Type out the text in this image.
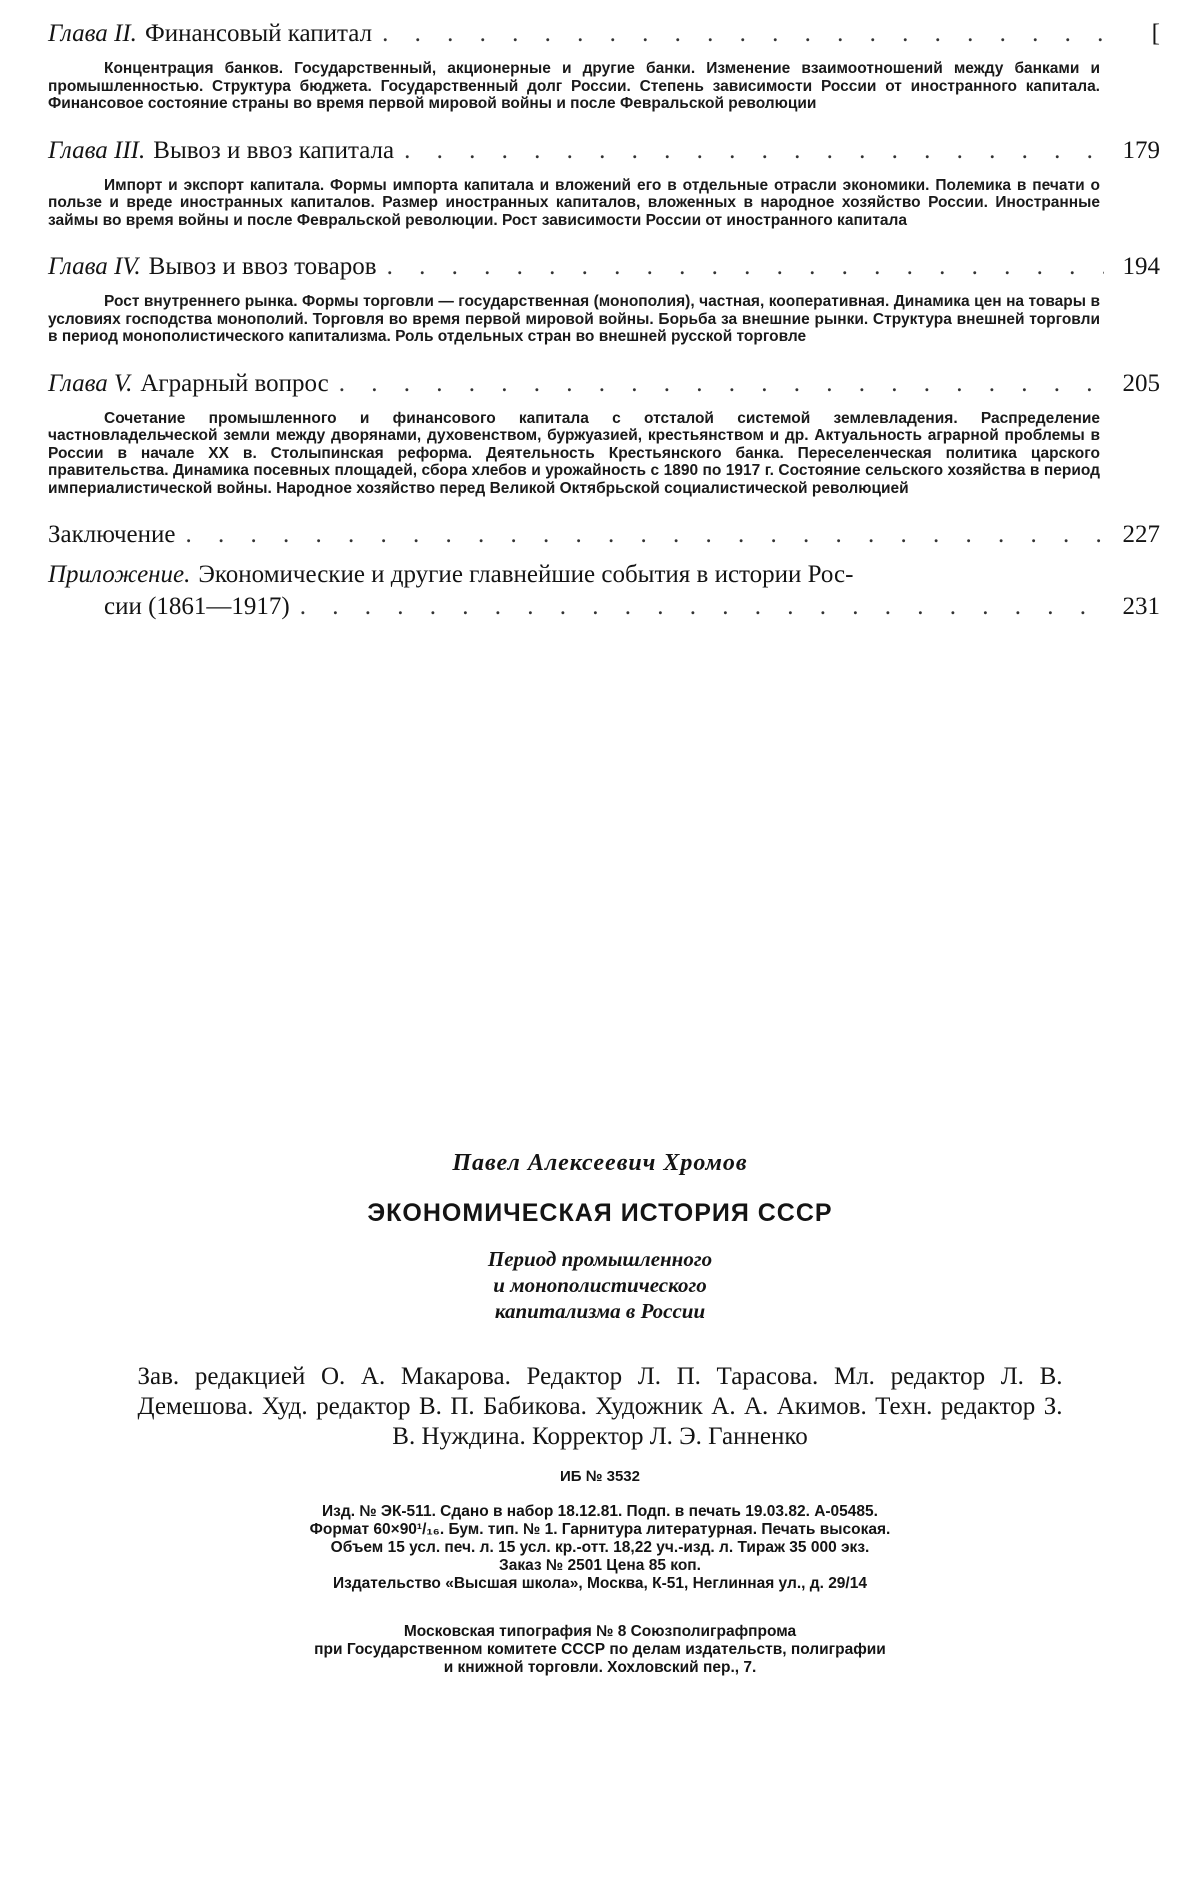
Глава II. Финансовый капитал . . .	[
Концентрация банков. Государственный, акционерные и другие банки. Изменение взаимоотношений между банками и промышленностью. Структура бюджета. Государственный долг России. Степень зависимости России от иностранного капитала. Финансовое состояние страны во время первой мировой войны и после Февральской революции
Глава III. Вывоз и ввоз капитала . . .	179
Импорт и экспорт капитала. Формы импорта капитала и вложений его в отдельные отрасли экономики. Полемика в печати о пользе и вреде иностранных капиталов. Размер иностранных капиталов, вложенных в народное хозяйство России. Иностранные займы во время войны и после Февральской революции. Рост зависимости России от иностранного капитала
Глава IV. Вывоз и ввоз товаров . . .	194
Рост внутреннего рынка. Формы торговли — государственная (монополия), частная, кооперативная. Динамика цен на товары в условиях господства монополий. Торговля во время первой мировой войны. Борьба за внешние рынки. Структура внешней торговли в период монополистического капитализма. Роль отдельных стран во внешней русской торговле
Глава V. Аграрный вопрос . . .	205
Сочетание промышленного и финансового капитала с отсталой системой землевладения. Распределение частновладельческой земли между дворянами, духовенством, буржуазией, крестьянством и др. Актуальность аграрной проблемы в России в начале XX в. Столыпинская реформа. Деятельность Крестьянского банка. Переселенческая политика царского правительства. Динамика посевных площадей, сбора хлебов и урожайность с 1890 по 1917 г. Состояние сельского хозяйства в период империалистической войны. Народное хозяйство перед Великой Октябрьской социалистической революцией
Заключение . . .	227
Приложение. Экономические и другие главнейшие события в истории Рос-
сии (1861—1917) . . .	231
Павел Алексеевич Хромов
ЭКОНОМИЧЕСКАЯ ИСТОРИЯ СССР
Период промышленного
и монополистического
капитализма в России
Зав. редакцией О. А. Макарова. Редактор Л. П. Тарасова. Мл. редактор Л. В. Демешова. Худ. редактор В. П. Бабикова. Художник А. А. Акимов. Техн. редактор З. В. Нуждина. Корректор Л. Э. Ганненко
ИБ № 3532
Изд. № ЭК-511. Сдано в набор 18.12.81. Подп. в печать 19.03.82. А-05485.
Формат 60×90¹/₁₆. Бум. тип. № 1. Гарнитура литературная. Печать высокая.
Объем 15 усл. печ. л. 15 усл. кр.-отт. 18,22 уч.-изд. л. Тираж 35 000 экз.
Заказ № 2501 Цена 85 коп.
Издательство «Высшая школа», Москва, К-51, Неглинная ул., д. 29/14
Московская типография № 8 Союзполиграфпрома
при Государственном комитете СССР по делам издательств, полиграфии
и книжной торговли. Хохловский пер., 7.
